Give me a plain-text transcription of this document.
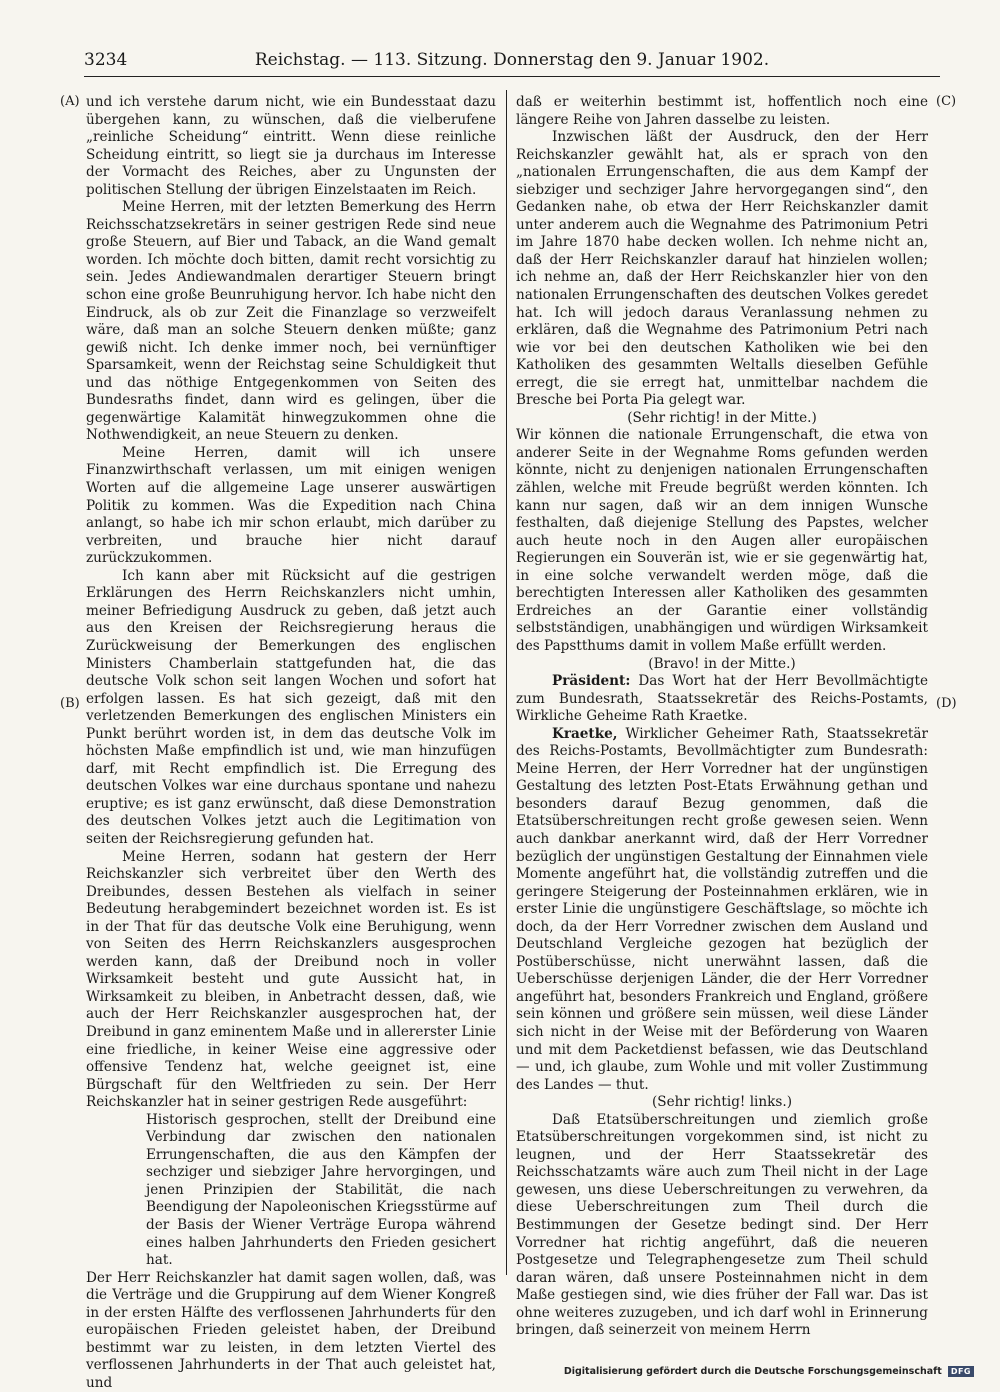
3234	Reichstag. — 113. Sitzung. Donnerstag den 9. Januar 1902.
(A)
(B)
(C)
(D)

und ich verstehe darum nicht, wie ein Bundesstaat dazu übergehen kann, zu wünschen, daß die vielberufene „reinliche Scheidung“ eintritt. Wenn diese reinliche Scheidung eintritt, so liegt sie ja durchaus im Interesse der Vormacht des Reiches, aber zu Ungunsten der politischen Stellung der übrigen Einzelstaaten im Reich.

Meine Herren, mit der letzten Bemerkung des Herrn Reichsschatzsekretärs in seiner gestrigen Rede sind neue große Steuern, auf Bier und Taback, an die Wand gemalt worden. Ich möchte doch bitten, damit recht vorsichtig zu sein. Jedes Andiewandmalen derartiger Steuern bringt schon eine große Beunruhigung hervor. Ich habe nicht den Eindruck, als ob zur Zeit die Finanzlage so verzweifelt wäre, daß man an solche Steuern denken müßte; ganz gewiß nicht. Ich denke immer noch, bei vernünftiger Sparsamkeit, wenn der Reichstag seine Schuldigkeit thut und das nöthige Entgegenkommen von Seiten des Bundesraths findet, dann wird es gelingen, über die gegenwärtige Kalamität hinwegzukommen ohne die Nothwendigkeit, an neue Steuern zu denken.

Meine Herren, damit will ich unsere Finanzwirthschaft verlassen, um mit einigen wenigen Worten auf die allgemeine Lage unserer auswärtigen Politik zu kommen. Was die Expedition nach China anlangt, so habe ich mir schon erlaubt, mich darüber zu verbreiten, und brauche hier nicht darauf zurückzukommen.

Ich kann aber mit Rücksicht auf die gestrigen Erklärungen des Herrn Reichskanzlers nicht umhin, meiner Befriedigung Ausdruck zu geben, daß jetzt auch aus den Kreisen der Reichsregierung heraus die Zurückweisung der Bemerkungen des englischen Ministers Chamberlain stattgefunden hat, die das deutsche Volk schon seit langen Wochen und sofort hat erfolgen lassen. Es hat sich gezeigt, daß mit den verletzenden Bemerkungen des englischen Ministers ein Punkt berührt worden ist, in dem das deutsche Volk im höchsten Maße empfindlich ist und, wie man hinzufügen darf, mit Recht empfindlich ist. Die Erregung des deutschen Volkes war eine durchaus spontane und nahezu eruptive; es ist ganz erwünscht, daß diese Demonstration des deutschen Volkes jetzt auch die Legitimation von seiten der Reichsregierung gefunden hat.

Meine Herren, sodann hat gestern der Herr Reichskanzler sich verbreitet über den Werth des Dreibundes, dessen Bestehen als vielfach in seiner Bedeutung herabgemindert bezeichnet worden ist. Es ist in der That für das deutsche Volk eine Beruhigung, wenn von Seiten des Herrn Reichskanzlers ausgesprochen werden kann, daß der Dreibund noch in voller Wirksamkeit besteht und gute Aussicht hat, in Wirksamkeit zu bleiben, in Anbetracht dessen, daß, wie auch der Herr Reichskanzler ausgesprochen hat, der Dreibund in ganz eminentem Maße und in allererster Linie eine friedliche, in keiner Weise eine aggressive oder offensive Tendenz hat, welche geeignet ist, eine Bürgschaft für den Weltfrieden zu sein. Der Herr Reichskanzler hat in seiner gestrigen Rede ausgeführt:

Historisch gesprochen, stellt der Dreibund eine Verbindung dar zwischen den nationalen Errungenschaften, die aus den Kämpfen der sechziger und siebziger Jahre hervorgingen, und jenen Prinzipien der Stabilität, die nach Beendigung der Napoleonischen Kriegsstürme auf der Basis der Wiener Verträge Europa während eines halben Jahrhunderts den Frieden gesichert hat.

Der Herr Reichskanzler hat damit sagen wollen, daß, was die Verträge und die Gruppirung auf dem Wiener Kongreß in der ersten Hälfte des verflossenen Jahrhunderts für den europäischen Frieden geleistet haben, der Dreibund bestimmt war zu leisten, in dem letzten Viertel des verflossenen Jahrhunderts in der That auch geleistet hat, und

daß er weiterhin bestimmt ist, hoffentlich noch eine längere Reihe von Jahren dasselbe zu leisten.

Inzwischen läßt der Ausdruck, den der Herr Reichskanzler gewählt hat, als er sprach von den „nationalen Errungenschaften, die aus dem Kampf der siebziger und sechziger Jahre hervorgegangen sind“, den Gedanken nahe, ob etwa der Herr Reichskanzler damit unter anderem auch die Wegnahme des Patrimonium Petri im Jahre 1870 habe decken wollen. Ich nehme nicht an, daß der Herr Reichskanzler darauf hat hinzielen wollen; ich nehme an, daß der Herr Reichskanzler hier von den nationalen Errungenschaften des deutschen Volkes geredet hat. Ich will jedoch daraus Veranlassung nehmen zu erklären, daß die Wegnahme des Patrimonium Petri nach wie vor bei den deutschen Katholiken wie bei den Katholiken des gesammten Weltalls dieselben Gefühle erregt, die sie erregt hat, unmittelbar nachdem die Bresche bei Porta Pia gelegt war.

(Sehr richtig! in der Mitte.)

Wir können die nationale Errungenschaft, die etwa von anderer Seite in der Wegnahme Roms gefunden werden könnte, nicht zu denjenigen nationalen Errungenschaften zählen, welche mit Freude begrüßt werden könnten. Ich kann nur sagen, daß wir an dem innigen Wunsche festhalten, daß diejenige Stellung des Papstes, welcher auch heute noch in den Augen aller europäischen Regierungen ein Souverän ist, wie er sie gegenwärtig hat, in eine solche verwandelt werden möge, daß die berechtigten Interessen aller Katholiken des gesammten Erdreiches an der Garantie einer vollständig selbstständigen, unabhängigen und würdigen Wirksamkeit des Papstthums damit in vollem Maße erfüllt werden.

(Bravo! in der Mitte.)

Präsident: Das Wort hat der Herr Bevollmächtigte zum Bundesrath, Staatssekretär des Reichs-Postamts, Wirkliche Geheime Rath Kraetke.

Kraetke, Wirklicher Geheimer Rath, Staatssekretär des Reichs-Postamts, Bevollmächtigter zum Bundesrath: Meine Herren, der Herr Vorredner hat der ungünstigen Gestaltung des letzten Post-Etats Erwähnung gethan und besonders darauf Bezug genommen, daß die Etatsüberschreitungen recht große gewesen seien. Wenn auch dankbar anerkannt wird, daß der Herr Vorredner bezüglich der ungünstigen Gestaltung der Einnahmen viele Momente angeführt hat, die vollständig zutreffen und die geringere Steigerung der Posteinnahmen erklären, wie in erster Linie die ungünstigere Geschäftslage, so möchte ich doch, da der Herr Vorredner zwischen dem Ausland und Deutschland Vergleiche gezogen hat bezüglich der Postüberschüsse, nicht unerwähnt lassen, daß die Ueberschüsse derjenigen Länder, die der Herr Vorredner angeführt hat, besonders Frankreich und England, größere sein können und größere sein müssen, weil diese Länder sich nicht in der Weise mit der Beförderung von Waaren und mit dem Packetdienst befassen, wie das Deutschland — und, ich glaube, zum Wohle und mit voller Zustimmung des Landes — thut.

(Sehr richtig! links.)

Daß Etatsüberschreitungen und ziemlich große Etatsüberschreitungen vorgekommen sind, ist nicht zu leugnen, und der Herr Staatssekretär des Reichsschatzamts wäre auch zum Theil nicht in der Lage gewesen, uns diese Ueberschreitungen zu verwehren, da diese Ueberschreitungen zum Theil durch die Bestimmungen der Gesetze bedingt sind. Der Herr Vorredner hat richtig angeführt, daß die neueren Postgesetze und Telegraphengesetze zum Theil schuld daran wären, daß unsere Posteinnahmen nicht in dem Maße gestiegen sind, wie dies früher der Fall war. Das ist ohne weiteres zuzugeben, und ich darf wohl in Erinnerung bringen, daß seinerzeit von meinem Herrn

Digitalisierung gefördert durch die Deutsche Forschungsgemeinschaft	DFG
